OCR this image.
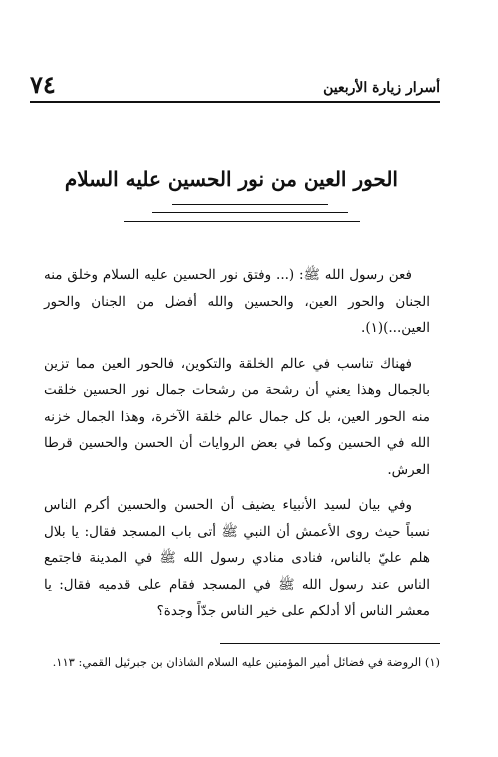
أسرار زيارة الأربعين
٧٤
الحور العين من نور الحسين عليه السلام

فعن رسول الله ﷺ: (... وفتق نور الحسين عليه السلام وخلق منه الجنان والحور العين، والحسين والله أفضل من الجنان والحور العين...)(١).

فهناك تناسب في عالم الخلقة والتكوين، فالحور العين مما تزين بالجمال وهذا يعني أن رشحة من رشحات جمال نور الحسين خلقت منه الحور العين، بل كل جمال عالم خلقة الآخرة، وهذا الجمال خزنه الله في الحسين وكما في بعض الروايات أن الحسن والحسين قرطا العرش.

وفي بيان لسيد الأنبياء يضيف أن الحسن والحسين أكرم الناس نسباً حيث روى الأعمش أن النبي ﷺ أتى باب المسجد فقال: يا بلال هلم عليّ بالناس، فنادى منادي رسول الله ﷺ في المدينة فاجتمع الناس عند رسول الله ﷺ في المسجد فقام على قدميه فقال: يا معشر الناس ألا أدلكم على خير الناس جدّاً وجدة؟

(١) الروضة في فضائل أمير المؤمنين عليه السلام الشاذان بن جبرئيل القمي: ١١٣.
